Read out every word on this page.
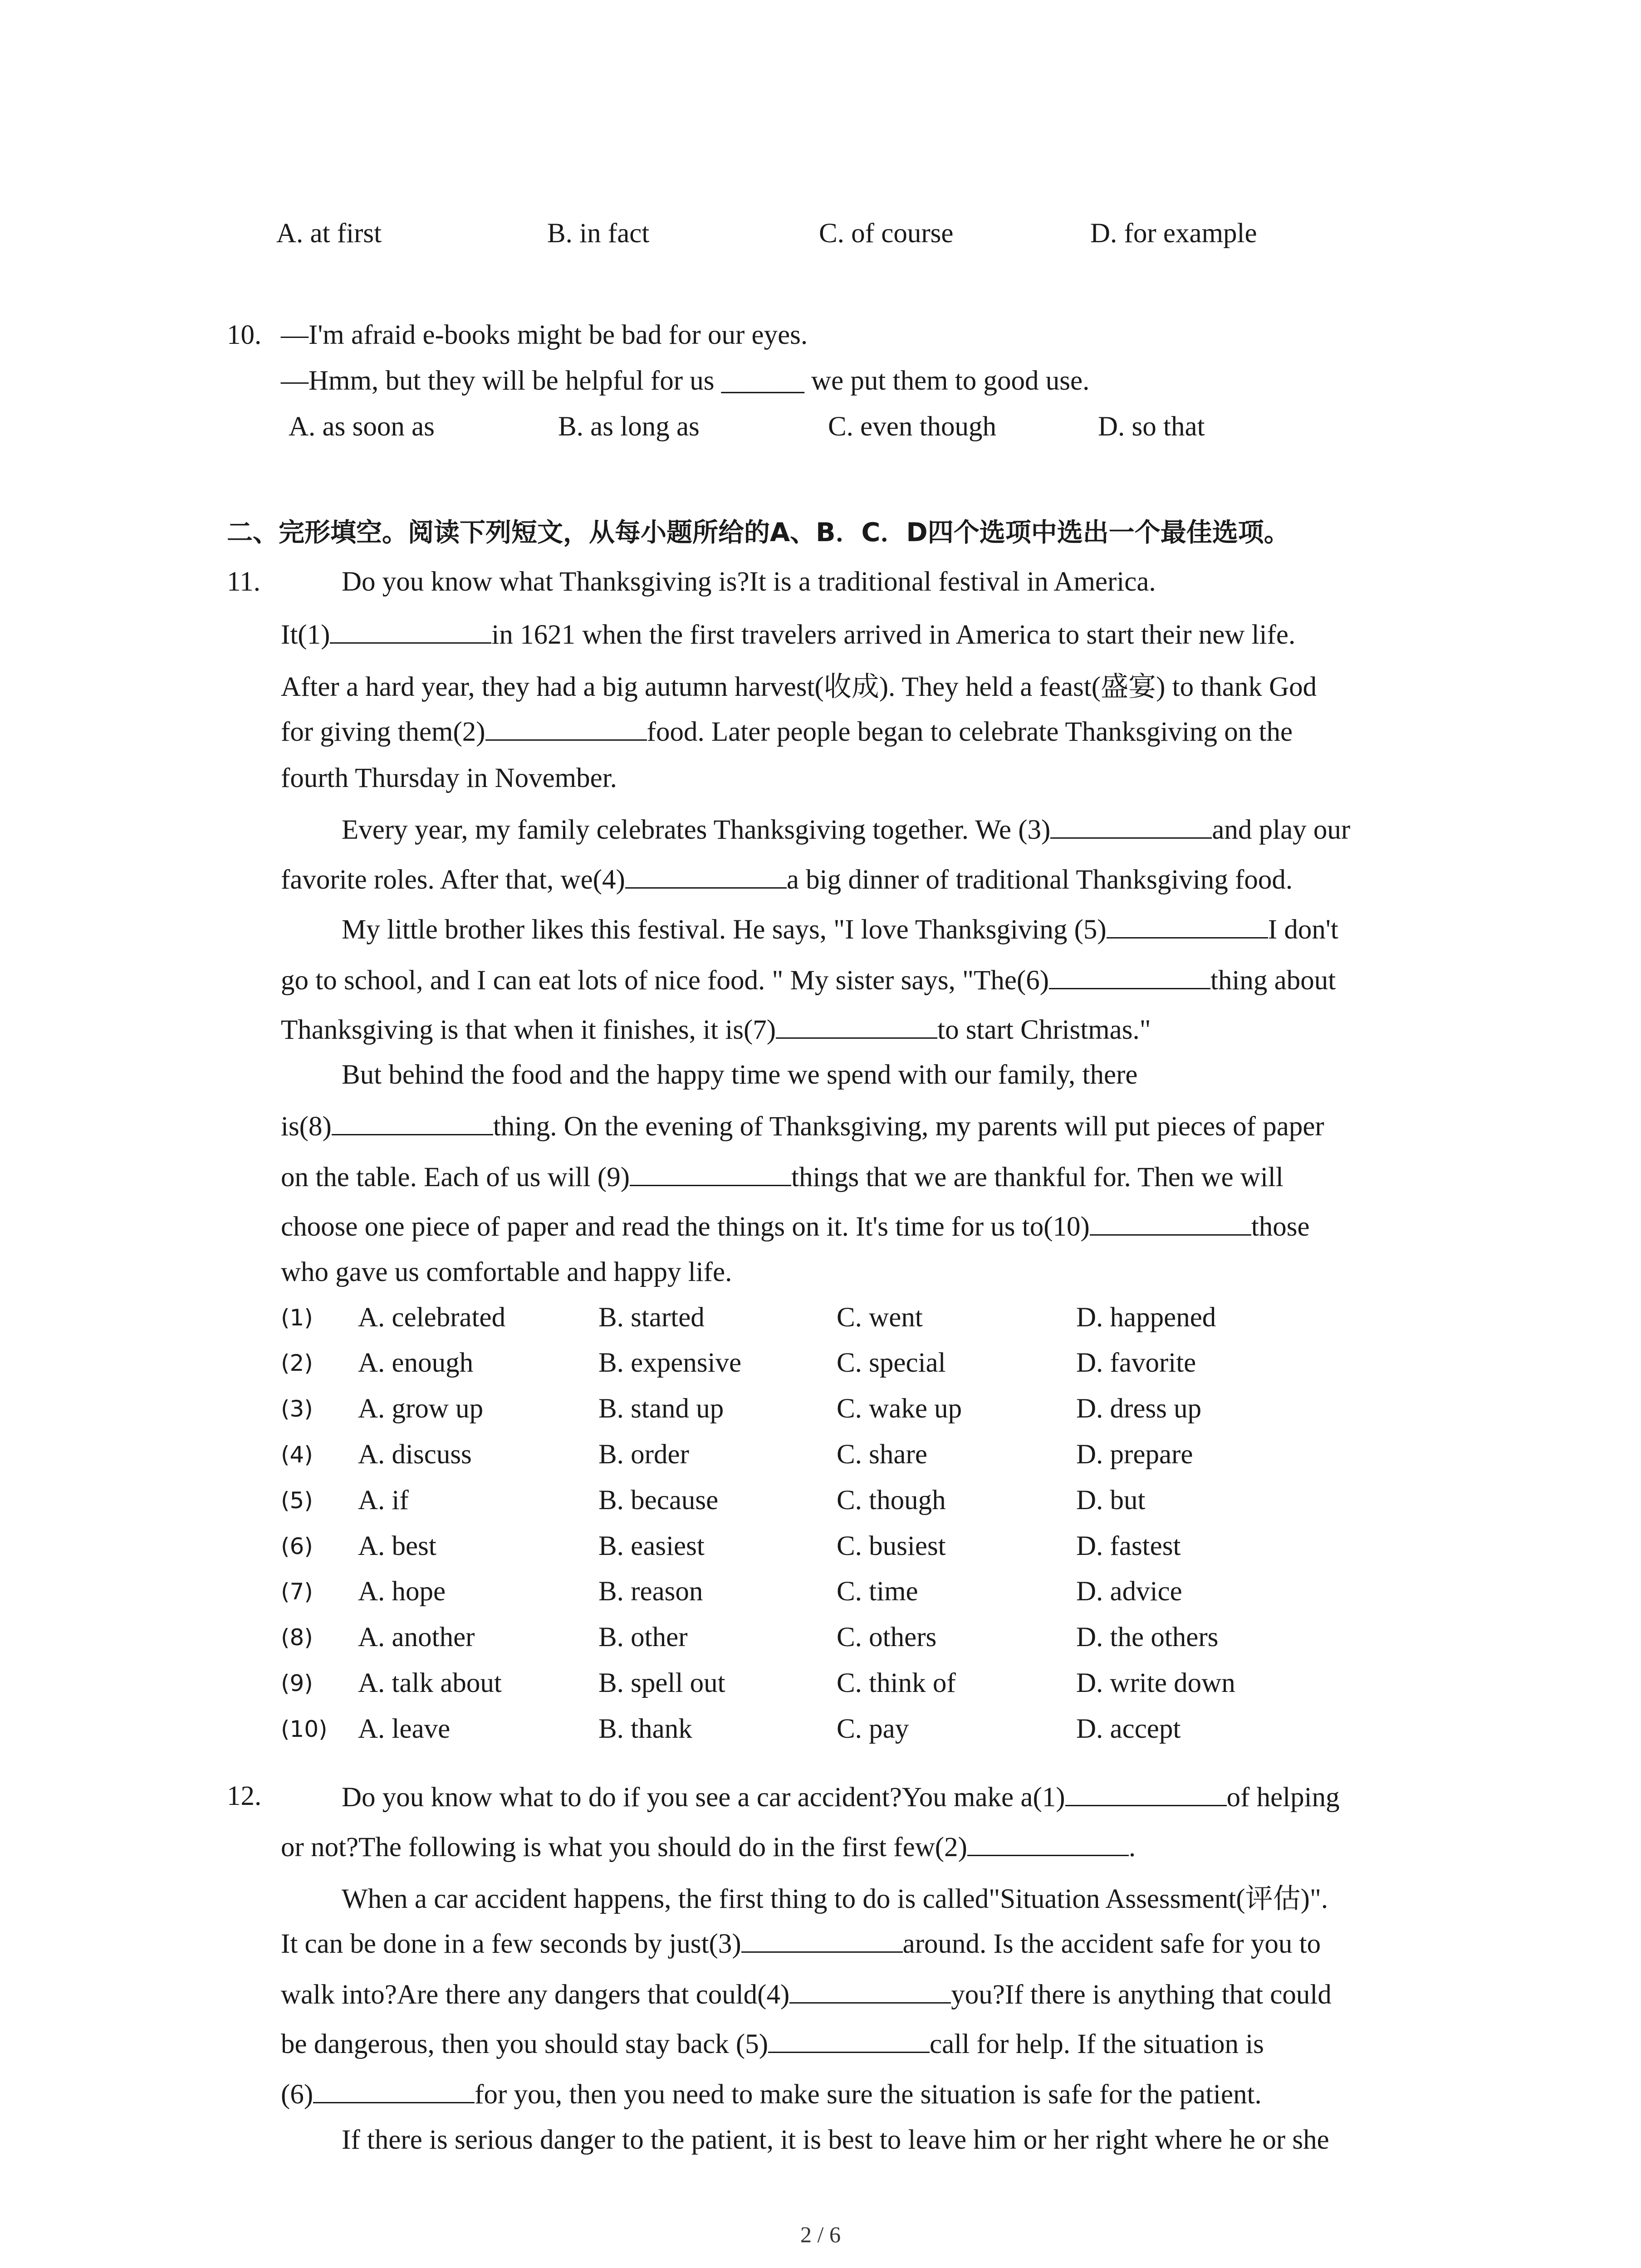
A. at first	B. in fact	C. of course	D. for example
10. —I'm afraid e-books might be bad for our eyes.
—Hmm, but they will be helpful for us ______ we put them to good use.
A. as soon as	B. as long as	C. even though	D. so that
二、完形填空。阅读下列短文，从每小题所给的A、B．C．D四个选项中选出一个最佳选项。
11.	Do you know what Thanksgiving is?It is a traditional festival in America.
It(1)	in 1621 when the first travelers arrived in America to start their new life.
After a hard year, they had a big autumn harvest(收成). They held a feast(盛宴) to thank God
for giving them(2)	food. Later people began to celebrate Thanksgiving on the
fourth Thursday in November.
Every year, my family celebrates Thanksgiving together. We (3)	and play our
favorite roles. After that, we(4)	a big dinner of traditional Thanksgiving food.
My little brother likes this festival. He says, "I love Thanksgiving (5)	I don't
go to school, and I can eat lots of nice food. " My sister says, "The(6)	thing about
Thanksgiving is that when it finishes, it is(7)	to start Christmas."
But behind the food and the happy time we spend with our family, there
is(8)	thing. On the evening of Thanksgiving, my parents will put pieces of paper
on the table. Each of us will (9)	things that we are thankful for. Then we will
choose one piece of paper and read the things on it. It's time for us to(10)	those
who gave us comfortable and happy life.
(1) A. celebrated	B. started	C. went	D. happened
(2) A. enough	B. expensive	C. special	D. favorite
(3) A. grow up	B. stand up	C. wake up	D. dress up
(4) A. discuss	B. order	C. share	D. prepare
(5) A. if	B. because	C. though	D. but
(6) A. best	B. easiest	C. busiest	D. fastest
(7) A. hope	B. reason	C. time	D. advice
(8) A. another	B. other	C. others	D. the others
(9) A. talk about	B. spell out	C. think of	D. write down
(10) A. leave	B. thank	C. pay	D. accept
12.	Do you know what to do if you see a car accident?You make a(1)	of helping
or not?The following is what you should do in the first few(2)	.
When a car accident happens, the first thing to do is called"Situation Assessment(评估)".
It can be done in a few seconds by just(3)	around. Is the accident safe for you to
walk into?Are there any dangers that could(4)	you?If there is anything that could
be dangerous, then you should stay back (5)	call for help. If the situation is
(6)	for you, then you need to make sure the situation is safe for the patient.
If there is serious danger to the patient, it is best to leave him or her right where he or she
2 / 6
